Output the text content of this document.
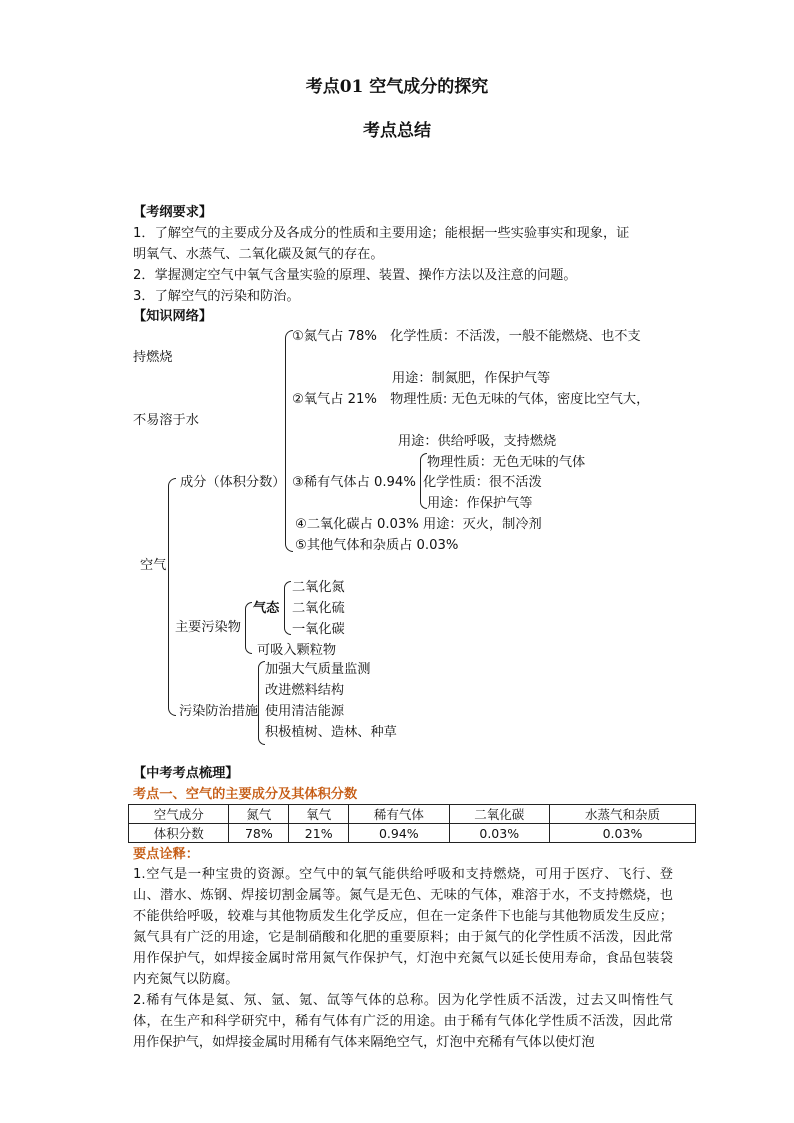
考点01 空气成分的探究
考点总结
【考纲要求】
1．了解空气的主要成分及各成分的性质和主要用途；能根据一些实验事实和现象，证
明氧气、水蒸气、二氧化碳及氮气的存在。
2．掌握测定空气中氧气含量实验的原理、装置、操作方法以及注意的问题。
3．了解空气的污染和防治。
【知识网络】
空气
成分（体积分数）
①氮气占 78%　化学性质：不活泼，一般不能燃烧、也不支
持燃烧
用途：制氮肥，作保护气等
②氧气占 21%　物理性质: 无色无味的气体，密度比空气大，
不易溶于水
用途：供给呼吸，支持燃烧
③稀有气体占 0.94%
物理性质：无色无味的气体
化学性质：很不活泼
用途：作保护气等
④二氧化碳占 0.03% 用途：灭火，制冷剂
⑤其他气体和杂质占 0.03%
主要污染物
气态
二氧化氮
二氧化硫
一氧化碳
可吸入颗粒物
污染防治措施
加强大气质量监测
改进燃料结构
使用清洁能源
积极植树、造林、种草
【中考考点梳理】
考点一、空气的主要成分及其体积分数
空气成分	氮气	氧气	稀有气体	二氧化碳	水蒸气和杂质
体积分数	78%	21%	0.94%	0.03%	0.03%
要点诠释：
1.空气是一种宝贵的资源。空气中的氧气能供给呼吸和支持燃烧，可用于医疗、飞行、登山、潜水、炼钢、焊接切割金属等。氮气是无色、无味的气体，难溶于水，不支持燃烧，也不能供给呼吸，较难与其他物质发生化学反应，但在一定条件下也能与其他物质发生反应；氮气具有广泛的用途，它是制硝酸和化肥的重要原料；由于氮气的化学性质不活泼，因此常用作保护气，如焊接金属时常用氮气作保护气，灯泡中充氮气以延长使用寿命，食品包装袋内充氮气以防腐。
2.稀有气体是氦、氖、氩、氪、氙等气体的总称。因为化学性质不活泼，过去又叫惰性气体，在生产和科学研究中，稀有气体有广泛的用途。由于稀有气体化学性质不活泼，因此常用作保护气，如焊接金属时用稀有气体来隔绝空气，灯泡中充稀有气体以使灯泡
